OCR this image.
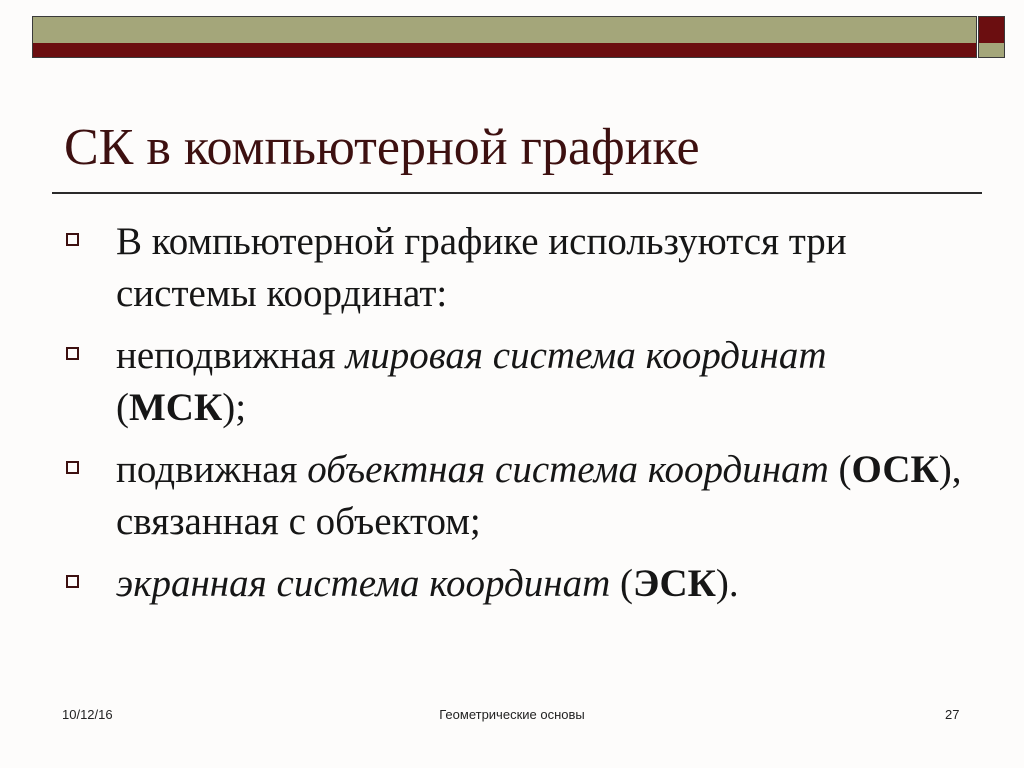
СК в компьютерной графике
В компьютерной графике используются три системы координат:
неподвижная мировая система координат (МСК);
подвижная объектная система координат (ОСК), связанная с объектом;
экранная система координат (ЭСК).
10/12/16	Геометрические основы	27
